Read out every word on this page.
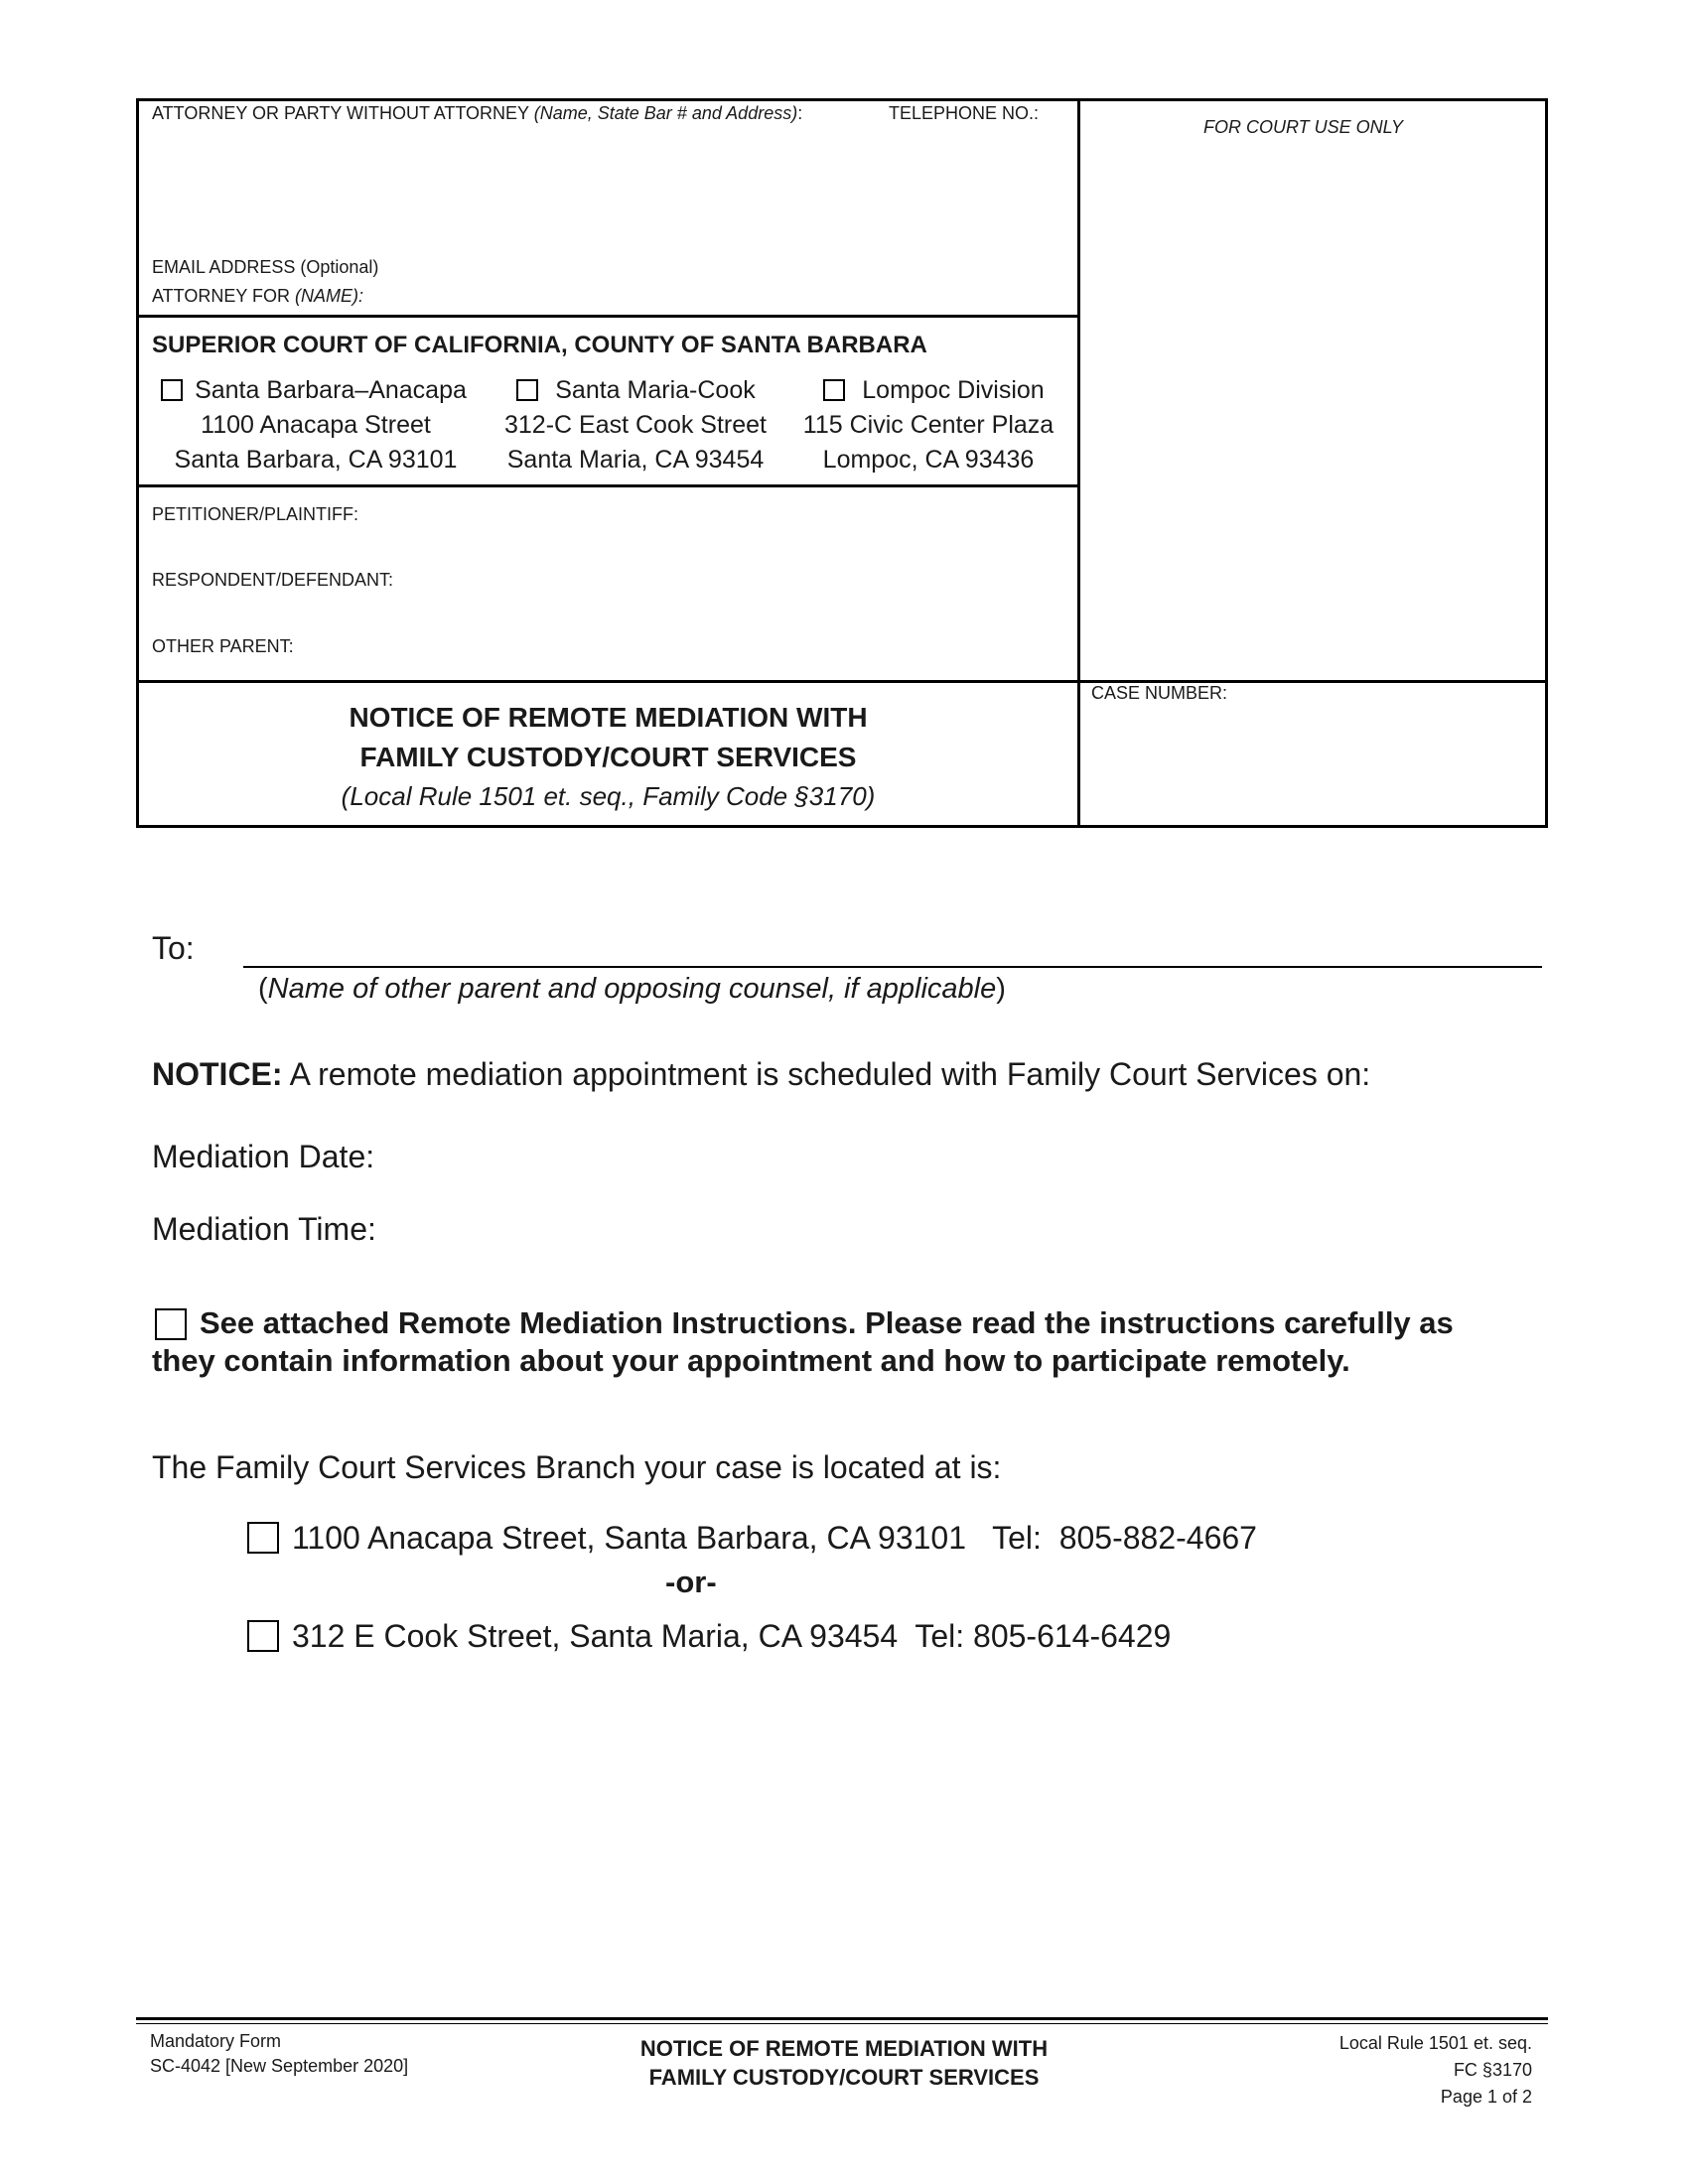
ATTORNEY OR PARTY WITHOUT ATTORNEY (Name, State Bar # and Address):	TELEPHONE NO.:
EMAIL ADDRESS (Optional)
ATTORNEY FOR (NAME):
FOR COURT USE ONLY
SUPERIOR COURT OF CALIFORNIA, COUNTY OF SANTA BARBARA
Santa Barbara–Anacapa
1100 Anacapa Street
Santa Barbara, CA 93101
Santa Maria-Cook
312-C East Cook Street
Santa Maria, CA 93454
Lompoc Division
115 Civic Center Plaza
Lompoc, CA 93436
PETITIONER/PLAINTIFF:
RESPONDENT/DEFENDANT:
OTHER PARENT:
NOTICE OF REMOTE MEDIATION WITH
FAMILY CUSTODY/COURT SERVICES
(Local Rule 1501 et. seq., Family Code §3170)
CASE NUMBER:
To:
(Name of other parent and opposing counsel, if applicable)
NOTICE: A remote mediation appointment is scheduled with Family Court Services on:
Mediation Date:
Mediation Time:
See attached Remote Mediation Instructions. Please read the instructions carefully as
they contain information about your appointment and how to participate remotely.
The Family Court Services Branch your case is located at is:
1100 Anacapa Street, Santa Barbara, CA 93101   Tel:  805-882-4667
-or-
312 E Cook Street, Santa Maria, CA 93454  Tel: 805-614-6429
Mandatory Form
SC-4042 [New September 2020]
NOTICE OF REMOTE MEDIATION WITH
FAMILY CUSTODY/COURT SERVICES
Local Rule 1501 et. seq.
FC §3170
Page 1 of 2
